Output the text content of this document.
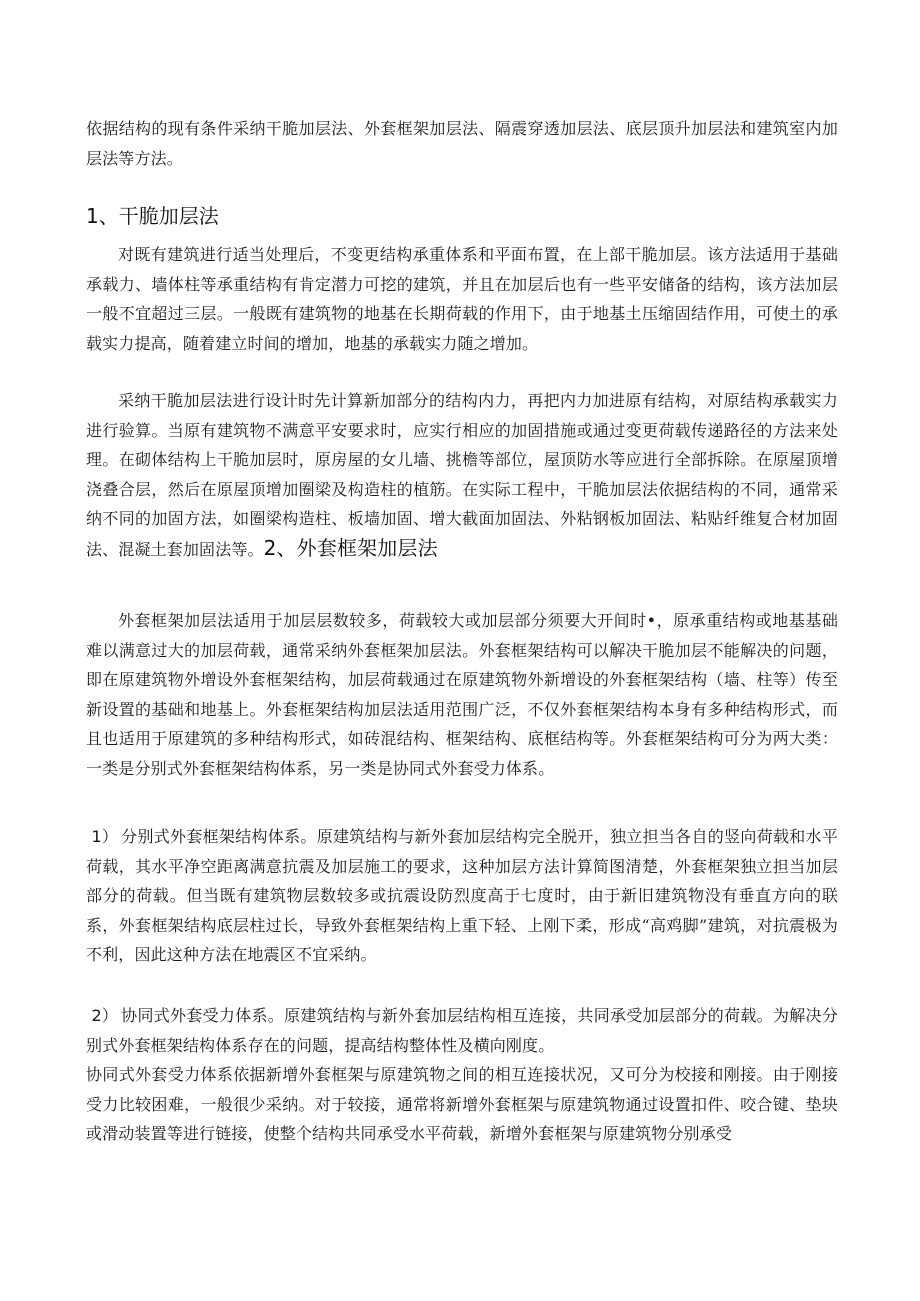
依据结构的现有条件采纳干脆加层法、外套框架加层法、隔震穿透加层法、底层顶升加层法和建筑室内加层法等方法。

1、干脆加层法

对既有建筑进行适当处理后，不变更结构承重体系和平面布置，在上部干脆加层。该方法适用于基础承载力、墙体柱等承重结构有肯定潜力可挖的建筑，并且在加层后也有一些平安储备的结构，该方法加层一般不宜超过三层。一般既有建筑物的地基在长期荷载的作用下，由于地基土压缩固结作用，可使土的承载实力提高，随着建立时间的增加，地基的承载实力随之增加。

采纳干脆加层法进行设计时先计算新加部分的结构内力，再把内力加进原有结构，对原结构承载实力进行验算。当原有建筑物不满意平安要求时，应实行相应的加固措施或通过变更荷载传递路径的方法来处理。在砌体结构上干脆加层时，原房屋的女儿墙、挑檐等部位，屋顶防水等应进行全部拆除。在原屋顶增浇叠合层，然后在原屋顶增加圈梁及构造柱的植筋。在实际工程中，干脆加层法依据结构的不同，通常采纳不同的加固方法，如圈梁构造柱、板墙加固、增大截面加固法、外粘钢板加固法、粘贴纤维复合材加固法、混凝土套加固法等。2、外套框架加层法

外套框架加层法适用于加层层数较多，荷载较大或加层部分须要大开间时•，原承重结构或地基基础难以满意过大的加层荷载，通常采纳外套框架加层法。外套框架结构可以解决干脆加层不能解决的问题，即在原建筑物外增设外套框架结构，加层荷载通过在原建筑物外新增设的外套框架结构（墙、柱等）传至新设置的基础和地基上。外套框架结构加层法适用范围广泛，不仅外套框架结构本身有多种结构形式，而且也适用于原建筑的多种结构形式，如砖混结构、框架结构、底框结构等。外套框架结构可分为两大类：一类是分别式外套框架结构体系，另一类是协同式外套受力体系。

1） 分别式外套框架结构体系。原建筑结构与新外套加层结构完全脱开，独立担当各自的竖向荷载和水平荷载，其水平净空距离满意抗震及加层施工的要求，这种加层方法计算简图清楚，外套框架独立担当加层部分的荷载。但当既有建筑物层数较多或抗震设防烈度高于七度时，由于新旧建筑物没有垂直方向的联系，外套框架结构底层柱过长，导致外套框架结构上重下轻、上刚下柔，形成“高鸡脚”建筑，对抗震极为不利，因此这种方法在地震区不宜采纳。

2） 协同式外套受力体系。原建筑结构与新外套加层结构相互连接，共同承受加层部分的荷载。为解决分别式外套框架结构体系存在的问题，提高结构整体性及横向刚度。

协同式外套受力体系依据新增外套框架与原建筑物之间的相互连接状况，又可分为校接和刚接。由于刚接受力比较困难，一般很少采纳。对于较接，通常将新增外套框架与原建筑物通过设置扣件、咬合键、垫块或滑动装置等进行链接，使整个结构共同承受水平荷载，新增外套框架与原建筑物分别承受
